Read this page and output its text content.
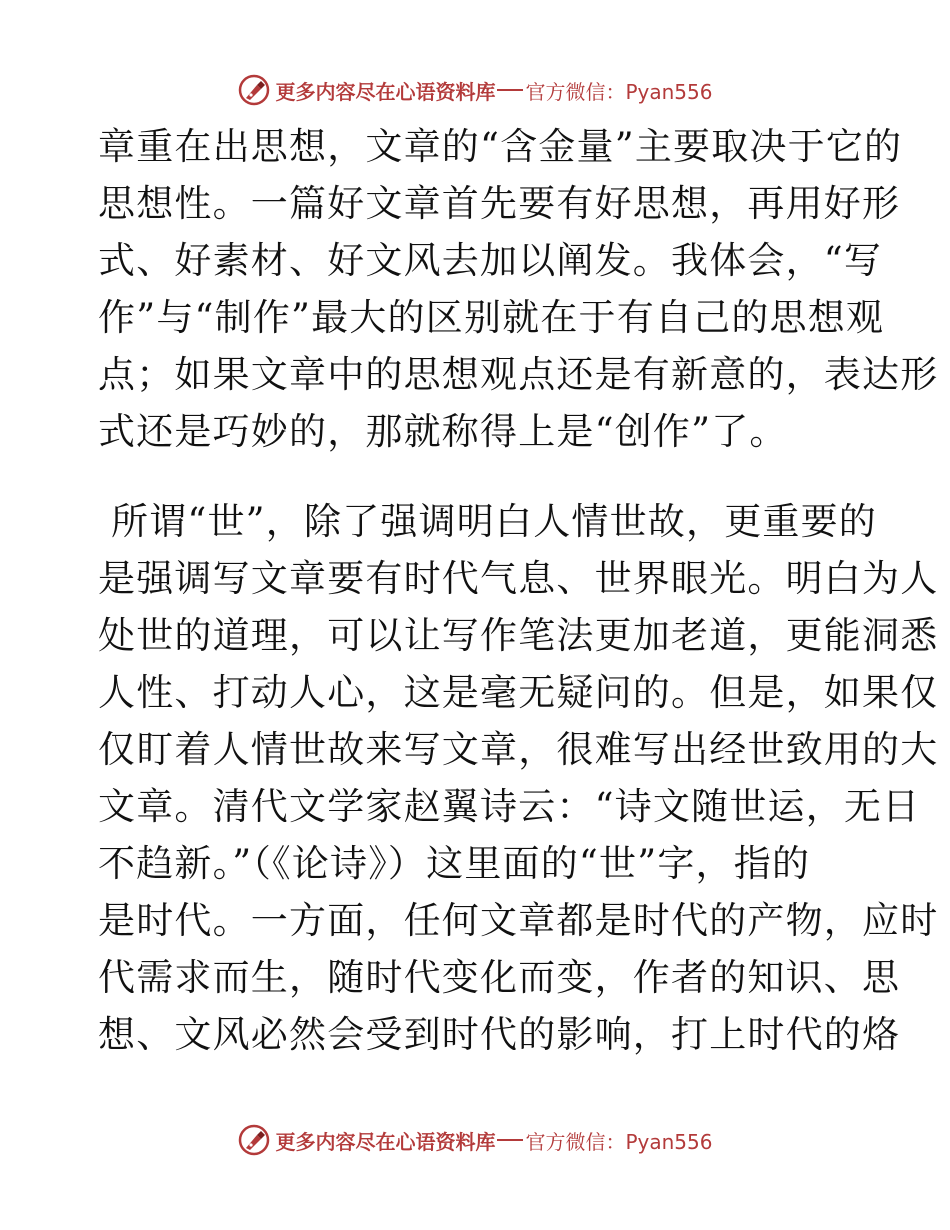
更多内容尽在心语资料库 官方微信：Pyan556
章重在出思想，文章的“含金量”主要取决于它的
思想性。一篇好文章首先要有好思想，再用好形
式、好素材、好文风去加以阐发。我体会，“写
作”与“制作”最大的区别就在于有自己的思想观
点；如果文章中的思想观点还是有新意的，表达形
式还是巧妙的，那就称得上是“创作”了。
所谓“世”，除了强调明白人情世故，更重要的
是强调写文章要有时代气息、世界眼光。明白为人
处世的道理，可以让写作笔法更加老道，更能洞悉
人性、打动人心，这是毫无疑问的。但是，如果仅
仅盯着人情世故来写文章，很难写出经世致用的大
文章。清代文学家赵翼诗云：“诗文随世运，无日
不趋新。”（《论诗》）这里面的“世”字，指的
是时代。一方面，任何文章都是时代的产物，应时
代需求而生，随时代变化而变，作者的知识、思
想、文风必然会受到时代的影响，打上时代的烙
更多内容尽在心语资料库 官方微信：Pyan556
